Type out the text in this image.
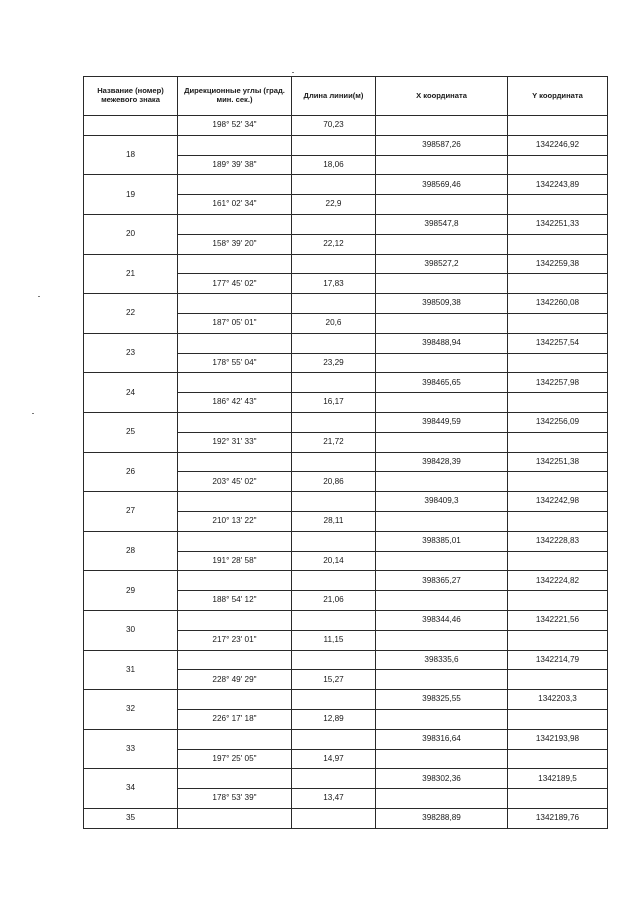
Название (номер) межевого знака	Дирекционные углы (град. мин. сек.)	Длина линии(м)	X координата	Y координата
	198° 52' 34"	70,23		
18			398587,26	1342246,92
	189° 39' 38"	18,06		
19			398569,46	1342243,89
	161° 02' 34"	22,9		
20			398547,8	1342251,33
	158° 39' 20"	22,12		
21			398527,2	1342259,38
	177° 45' 02"	17,83		
22			398509,38	1342260,08
	187° 05' 01"	20,6		
23			398488,94	1342257,54
	178° 55' 04"	23,29		
24			398465,65	1342257,98
	186° 42' 43"	16,17		
25			398449,59	1342256,09
	192° 31' 33"	21,72		
26			398428,39	1342251,38
	203° 45' 02"	20,86		
27			398409,3	1342242,98
	210° 13' 22"	28,11		
28			398385,01	1342228,83
	191° 28' 58"	20,14		
29			398365,27	1342224,82
	188° 54' 12"	21,06		
30			398344,46	1342221,56
	217° 23' 01"	11,15		
31			398335,6	1342214,79
	228° 49' 29"	15,27		
32			398325,55	1342203,3
	226° 17' 18"	12,89		
33			398316,64	1342193,98
	197° 25' 05"	14,97		
34			398302,36	1342189,5
	178° 53' 39"	13,47		
35			398288,89	1342189,76
